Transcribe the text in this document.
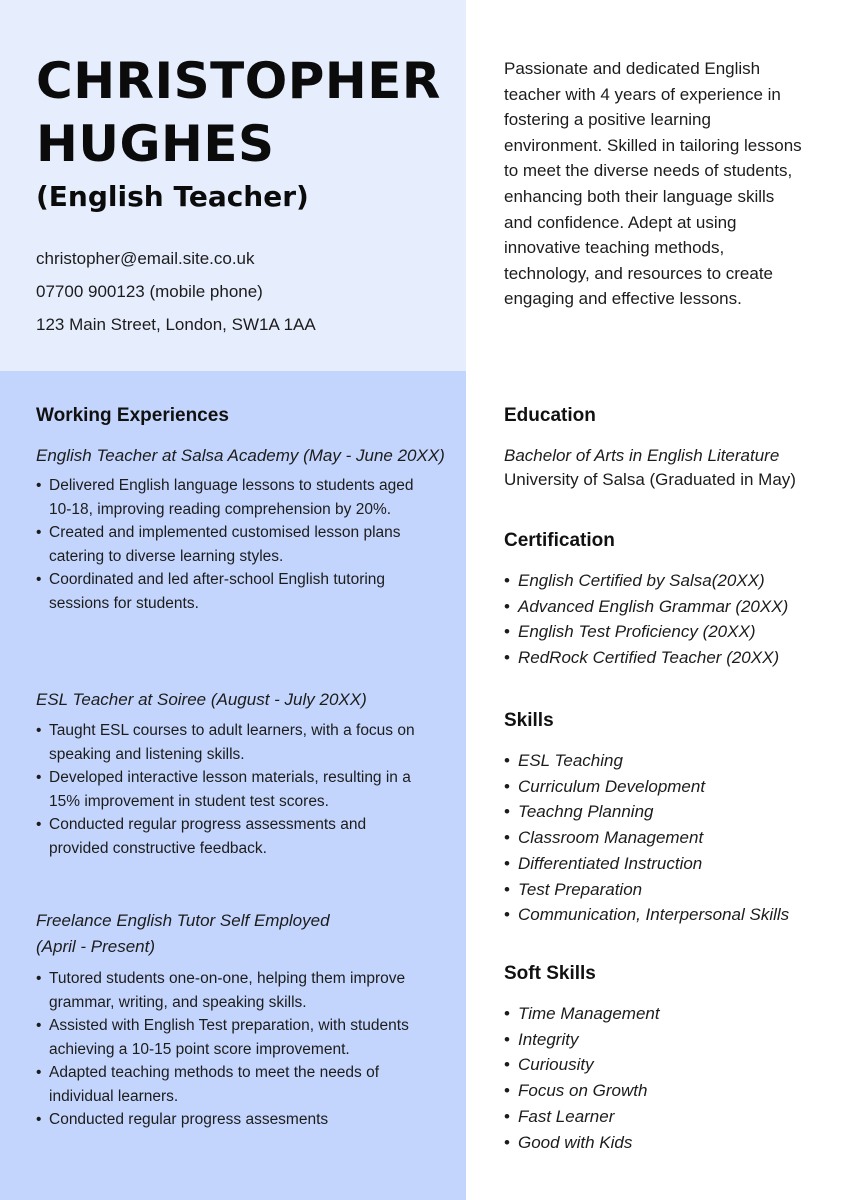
CHRISTOPHER
HUGHES
(English Teacher)
christopher@email.site.co.uk
07700 900123 (mobile phone)
123 Main Street, London, SW1A 1AA

Passionate and dedicated English teacher with 4 years of experience in fostering a positive learning environment. Skilled in tailoring lessons to meet the diverse needs of students, enhancing both their language skills and confidence. Adept at using innovative teaching methods, technology, and resources to create engaging and effective lessons.

Working Experiences
English Teacher at Salsa Academy (May - June 20XX)
• Delivered English language lessons to students aged 10-18, improving reading comprehension by 20%.
• Created and implemented customised lesson plans catering to diverse learning styles.
• Coordinated and led after-school English tutoring sessions for students.
ESL Teacher at Soiree (August - July 20XX)
• Taught ESL courses to adult learners, with a focus on speaking and listening skills.
• Developed interactive lesson materials, resulting in a 15% improvement in student test scores.
• Conducted regular progress assessments and provided constructive feedback.
Freelance English Tutor Self Employed (April - Present)
• Tutored students one-on-one, helping them improve grammar, writing, and speaking skills.
• Assisted with English Test preparation, with students achieving a 10-15 point score improvement.
• Adapted teaching methods to meet the needs of individual learners.
• Conducted regular progress assesments
Education
Bachelor of Arts in English Literature
University of Salsa (Graduated in May)
Certification
• English Certified by Salsa(20XX)
• Advanced English Grammar (20XX)
• English Test Proficiency (20XX)
• RedRock Certified Teacher (20XX)
Skills
• ESL Teaching
• Curriculum Development
• Teachng Planning
• Classroom Management
• Differentiated Instruction
• Test Preparation
• Communication, Interpersonal Skills
Soft Skills
• Time Management
• Integrity
• Curiousity
• Focus on Growth
• Fast Learner
• Good with Kids
